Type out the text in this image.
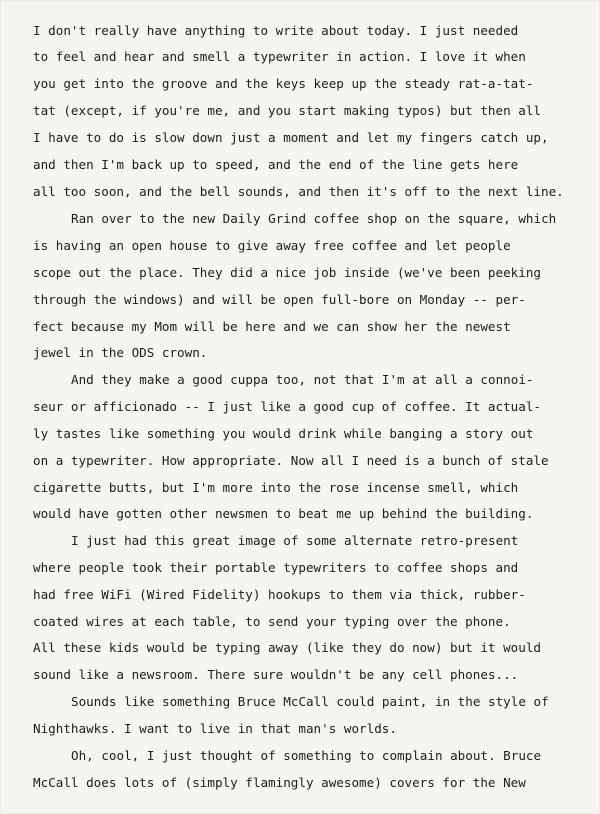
I don't really have anything to write about today. I just needed
to feel and hear and smell a typewriter in action. I love it when
you get into the groove and the keys keep up the steady rat-a-tat-
tat (except, if you're me, and you start making typos) but then all
I have to do is slow down just a moment and let my fingers catch up,
and then I'm back up to speed, and the end of the line gets here
all too soon, and the bell sounds, and then it's off to the next line.
Ran over to the new Daily Grind coffee shop on the square, which
is having an open house to give away free coffee and let people
scope out the place. They did a nice job inside (we've been peeking
through the windows) and will be open full-bore on Monday -- per-
fect because my Mom will be here and we can show her the newest
jewel in the ODS crown.
And they make a good cuppa too, not that I'm at all a connoi-
seur or afficionado -- I just like a good cup of coffee. It actual-
ly tastes like something you would drink while banging a story out
on a typewriter. How appropriate. Now all I need is a bunch of stale
cigarette butts, but I'm more into the rose incense smell, which
would have gotten other newsmen to beat me up behind the building.
I just had this great image of some alternate retro-present
where people took their portable typewriters to coffee shops and
had free WiFi (Wired Fidelity) hookups to them via thick, rubber-
coated wires at each table, to send your typing over the phone.
All these kids would be typing away (like they do now) but it would
sound like a newsroom. There sure wouldn't be any cell phones...
Sounds like something Bruce McCall could paint, in the style of
Nighthawks. I want to live in that man's worlds.
Oh, cool, I just thought of something to complain about. Bruce
McCall does lots of (simply flamingly awesome) covers for the New
